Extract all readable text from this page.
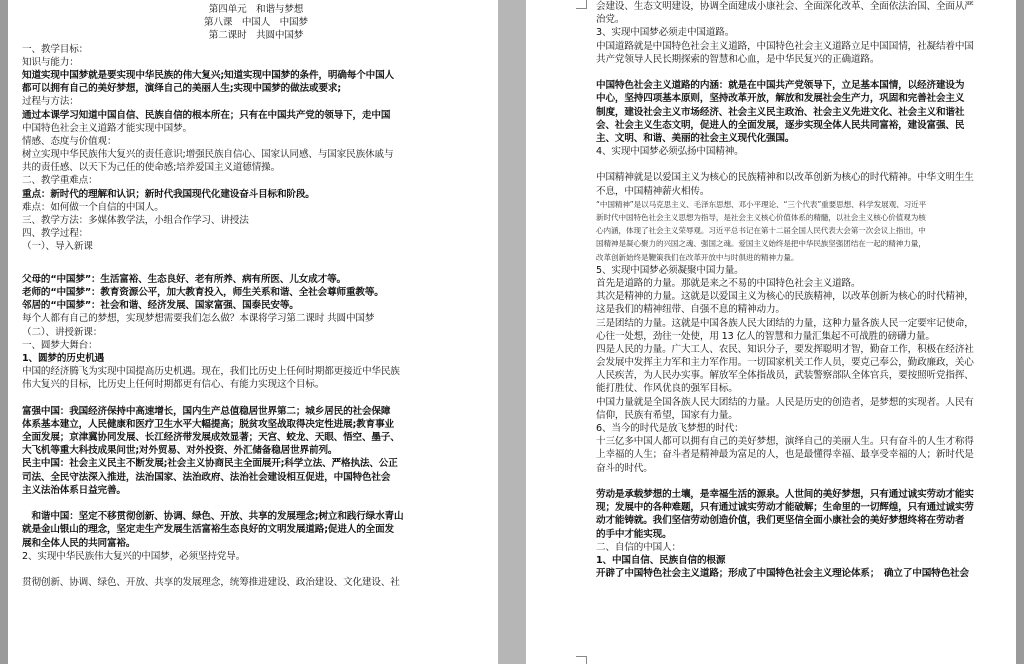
第四单元　和谐与梦想
第八课　中国人　中国梦
第二课时　共圆中国梦
一、教学目标：
知识与能力：
知道实现中国梦就是要实现中华民族的伟大复兴;知道实现中国梦的条件，明确每个中国人
都可以拥有自己的美好梦想，演绎自己的美丽人生;实现中国梦的做法或要求;
过程与方法：
通过本课学习知道中国自信、民族自信的根本所在；只有在中国共产党的领导下，走中国
中国特色社会主义道路才能实现中国梦。
情感、态度与价值观：
树立实现中华民族伟大复兴的责任意识;增强民族自信心、国家认同感、与国家民族休戚与
共的责任感、以天下为己任的使命感;培养爱国主义道德情操。
二、教学重难点：
重点：新时代的理解和认识；新时代我国现代化建设奋斗目标和阶段。
难点：如何做一个自信的中国人。
三、教学方法：多媒体教学法，小组合作学习、讲授法
四、教学过程：
（一）、导入新课
父母的“中国梦”：生活富裕、生态良好、老有所养、病有所医、儿女成才等。
老师的“中国梦”：教育资源公平，加大教育投入，师生关系和谐、全社会尊师重教等。
邻居的“中国梦”：社会和谐、经济发展、国家富强、国泰民安等。
每个人都有自己的梦想，实现梦想需要我们怎么做？本课将学习第二课时 共圆中国梦
（二）、讲授新课：
一、圆梦大舞台：
1、圆梦的历史机遇
中国的经济腾飞为实现中国提高历史机遇。现在，我们比历史上任何时期都更接近中华民族
伟大复兴的目标，比历史上任何时期都更有信心、有能力实现这个目标。
富强中国：我国经济保持中高速增长，国内生产总值稳居世界第二；城乡居民的社会保障
体系基本建立，人民健康和医疗卫生水平大幅提高；脱贫攻坚战取得决定性进展;教育事业
全面发展；京津冀协同发展、长江经济带发展成效显著；天宫、蛟龙、天眼、悟空、墨子、
大飞机等重大科技成果问世;对外贸易、对外投资、外汇储备稳居世界前列。
民主中国：社会主义民主不断发展;社会主义协商民主全面展开;科学立法、严格执法、公正
司法、全民守法深入推进，法治国家、法治政府、法治社会建设相互促进，中国特色社会
主义法治体系日益完善。
　和谐中国：坚定不移贯彻创新、协调、绿色、开放、共享的发展理念;树立和践行绿水青山
就是金山银山的理念，坚定走生产发展生活富裕生态良好的文明发展道路;促进人的全面发
展和全体人民的共同富裕。
2、实现中华民族伟大复兴的中国梦，必须坚持党导。
贯彻创新、协调、绿色、开放、共享的发展理念，统筹推进建设、政治建设、文化建设、社
会建设、生态文明建设，协调全面建成小康社会、全面深化改革、全面依法治国、全面从严
治党。
3、实现中国梦必须走中国道路。
中国道路就是中国特色社会主义道路，中国特色社会主义道路立足中国国情，社凝结着中国
共产党领导人民长期探索的智慧和心血，是中华民复兴的正确道路。
中国特色社会主义道路的内涵：就是在中国共产党领导下，立足基本国情，以经济建设为
中心，坚持四项基本原则，坚持改革开放，解放和发展社会生产力，巩固和完善社会主义
制度，建设社会主义市场经济、社会主义民主政治、社会主义先进文化、社会主义和谐社
会、社会主义生态文明，促进人的全面发展，逐步实现全体人民共同富裕，建设富强、民
主、文明、和谐、美丽的社会主义现代化强国。
4、实现中国梦必须弘扬中国精神。
中国精神就是以爱国主义为核心的民族精神和以改革创新为核心的时代精神。中华文明生生
不息，中国精神薪火相传。
“中国精神”是以马克思主义、毛泽东思想、邓小平理论、“三个代表”重要思想、科学发展观、习近平
新时代中国特色社会主义思想为指导，是社会主义核心价值体系的精髓，以社会主义核心价值观为核
心内涵，体现了社会主义荣辱观。习近平总书记在第十二届全国人民代表大会第一次会议上指出，中
国精神是凝心聚力的兴国之魂、强国之魂。爱国主义始终是把中华民族坚强团结在一起的精神力量，
改革创新始终是鞭策我们在改革开放中与时俱进的精神力量。
5、实现中国梦必须凝聚中国力量。
首先是道路的力量。那就是来之不易的中国特色社会主义道路。
其次是精神的力量。这就是以爱国主义为核心的民族精神，以改革创新为核心的时代精神，
这是我们的精神纽带、自强不息的精神动力。
三是团结的力量。这就是中国各族人民大团结的力量，这种力量各族人民一定要牢记使命，
心往一处想，劲往一处使，用 13 亿人的智慧和力量汇集起不可战胜的磅礴力量。
四是人民的力量。广大工人、农民、知识分子，要发挥聪明才智，勤奋工作，积极在经济社
会发展中发挥主力军和主力军作用。一切国家机关工作人员，要克己奉公，勤政廉政，关心
人民疾苦，为人民办实事。解放军全体指战员，武装警察部队全体官兵，要按照听党指挥、
能打胜仗、作风优良的强军目标。
中国力量就是全国各族人民大团结的力量。人民是历史的创造者，是梦想的实现者。人民有
信仰，民族有希望，国家有力量。
6、当今的时代是放飞梦想的时代：
十三亿多中国人都可以拥有自己的美好梦想，演绎自己的美丽人生。只有奋斗的人生才称得
上幸福的人生；奋斗者是精神最为富足的人，也是最懂得幸福、最享受幸福的人；新时代是
奋斗的时代。
劳动是承载梦想的土壤，是幸福生活的源泉。人世间的美好梦想，只有通过诚实劳动才能实
现；发展中的各种难题，只有通过诚实劳动才能破解；生命里的一切辉煌，只有通过诚实劳
动才能铸就。我们坚信劳动创造价值，我们更坚信全面小康社会的美好梦想终将在劳动者
的手中才能实现。
二、自信的中国人：
1、中国自信、民族自信的根源
开辟了中国特色社会主义道路；形成了中国特色社会主义理论体系；　确立了中国特色社会
